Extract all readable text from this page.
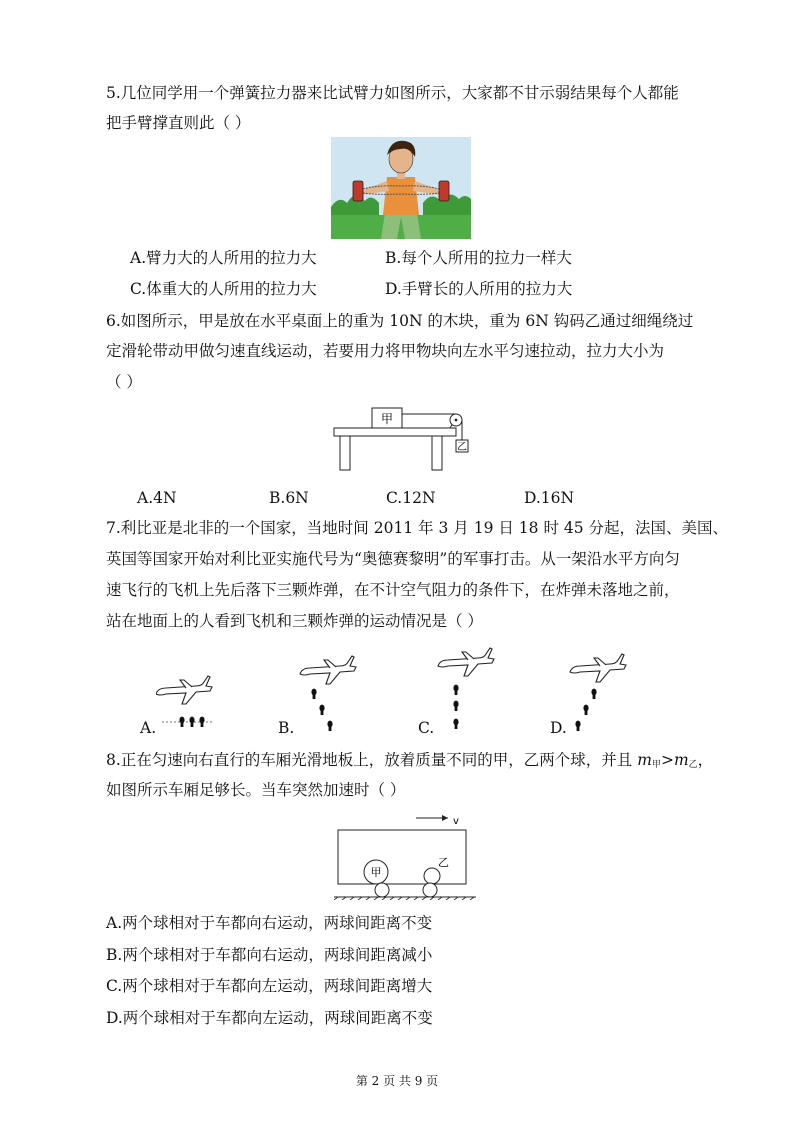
5.几位同学用一个弹簧拉力器来比试臂力如图所示，大家都不甘示弱结果每个人都能
把手臂撑直则此（ ）
A.臂力大的人所用的拉力大	B.每个人所用的拉力一样大
C.体重大的人所用的拉力大	D.手臂长的人所用的拉力大
6.如图所示，甲是放在水平桌面上的重为 10N 的木块，重为 6N 钩码乙通过细绳绕过
定滑轮带动甲做匀速直线运动，若要用力将甲物块向左水平匀速拉动，拉力大小为
（ ）
甲
乙
A.4N	B.6N	C.12N	D.16N
7.利比亚是北非的一个国家，当地时间 2011 年 3 月 19 日 18 时 45 分起，法国、美国、
英国等国家开始对利比亚实施代号为“奥德赛黎明”的军事打击。从一架沿水平方向匀
速飞行的飞机上先后落下三颗炸弹，在不计空气阻力的条件下，在炸弹未落地之前，
站在地面上的人看到飞机和三颗炸弹的运动情况是（ ）
A.	B.	C.	D.
8.正在匀速向右直行的车厢光滑地板上，放着质量不同的甲，乙两个球，并且 $m_甲>m_乙$，
如图所示车厢足够长。当车突然加速时（ ）
v
甲
乙
A.两个球相对于车都向右运动，两球间距离不变
B.两个球相对于车都向右运动，两球间距离减小
C.两个球相对于车都向左运动，两球间距离增大
D.两个球相对于车都向左运动，两球间距离不变
第 2 页 共 9 页
